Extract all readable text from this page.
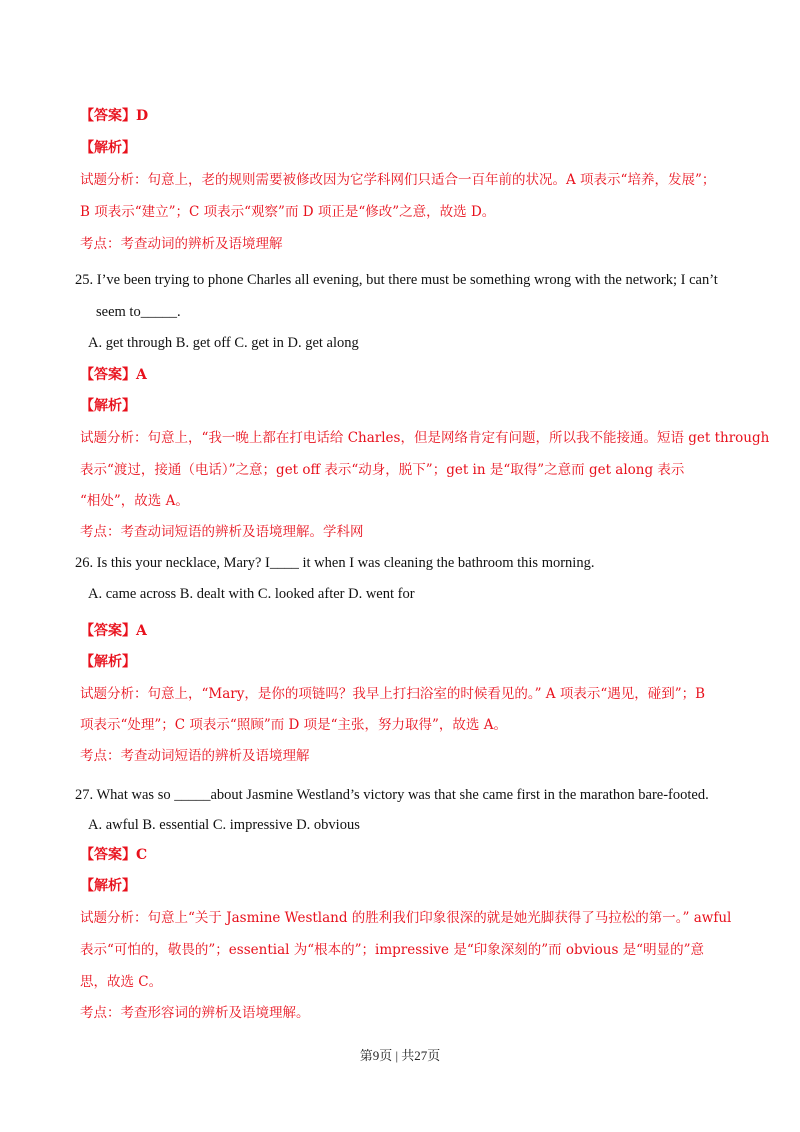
【答案】D
【解析】
试题分析：句意上，老的规则需要被修改因为它学科网们只适合一百年前的状况。A 项表示“培养，发展”；
B 项表示“建立”；C 项表示“观察”而 D 项正是“修改”之意，故选 D。
考点：考查动词的辨析及语境理解
25. I’ve been trying to phone Charles all evening, but there must be something wrong with the network; I can’t
seem to_____.
A. get through B. get off C. get in D. get along
【答案】A
【解析】
试题分析：句意上，“我一晚上都在打电话给 Charles，但是网络肯定有问题，所以我不能接通。短语 get through
表示“渡过，接通（电话）”之意；get off 表示“动身，脱下”；get in 是“取得”之意而 get along 表示
“相处”，故选 A。
考点：考查动词短语的辨析及语境理解。学科网
26. Is this your necklace, Mary? I____ it when I was cleaning the bathroom this morning.
A. came across B. dealt with C. looked after D. went for
【答案】A
【解析】
试题分析：句意上，“Mary，是你的项链吗？我早上打扫浴室的时候看见的。” A 项表示“遇见，碰到”；B
项表示“处理”；C 项表示“照顾”而 D 项是“主张，努力取得”，故选 A。
考点：考查动词短语的辨析及语境理解
27. What was so _____about Jasmine Westland’s victory was that she came first in the marathon bare-footed.
A. awful B. essential C. impressive D. obvious
【答案】C
【解析】
试题分析：句意上“关于 Jasmine Westland 的胜利我们印象很深的就是她光脚获得了马拉松的第一。” awful
表示“可怕的，敬畏的”；essential 为“根本的”；impressive 是“印象深刻的”而 obvious 是“明显的”意
思，故选 C。
考点：考查形容词的辨析及语境理解。
第9页 | 共27页
